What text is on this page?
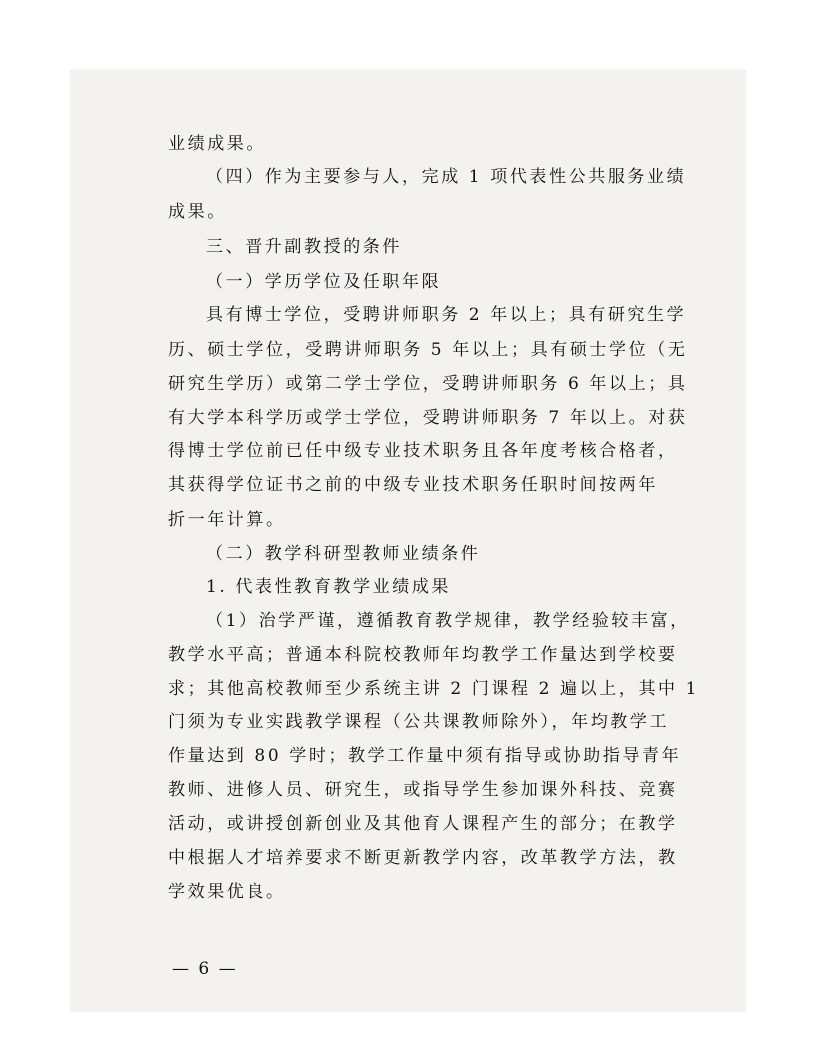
业绩成果。
（四）作为主要参与人，完成 1 项代表性公共服务业绩
成果。
三、晋升副教授的条件
（一）学历学位及任职年限
具有博士学位，受聘讲师职务 2 年以上；具有研究生学
历、硕士学位，受聘讲师职务 5 年以上；具有硕士学位（无
研究生学历）或第二学士学位，受聘讲师职务 6 年以上；具
有大学本科学历或学士学位，受聘讲师职务 7 年以上。对获
得博士学位前已任中级专业技术职务且各年度考核合格者，
其获得学位证书之前的中级专业技术职务任职时间按两年
折一年计算。
（二）教学科研型教师业绩条件
1. 代表性教育教学业绩成果
（1）治学严谨，遵循教育教学规律，教学经验较丰富，
教学水平高；普通本科院校教师年均教学工作量达到学校要
求；其他高校教师至少系统主讲 2 门课程 2 遍以上，其中 1
门须为专业实践教学课程（公共课教师除外），年均教学工
作量达到 80 学时；教学工作量中须有指导或协助指导青年
教师、进修人员、研究生，或指导学生参加课外科技、竞赛
活动，或讲授创新创业及其他育人课程产生的部分；在教学
中根据人才培养要求不断更新教学内容，改革教学方法，教
学效果优良。
— 6 —
